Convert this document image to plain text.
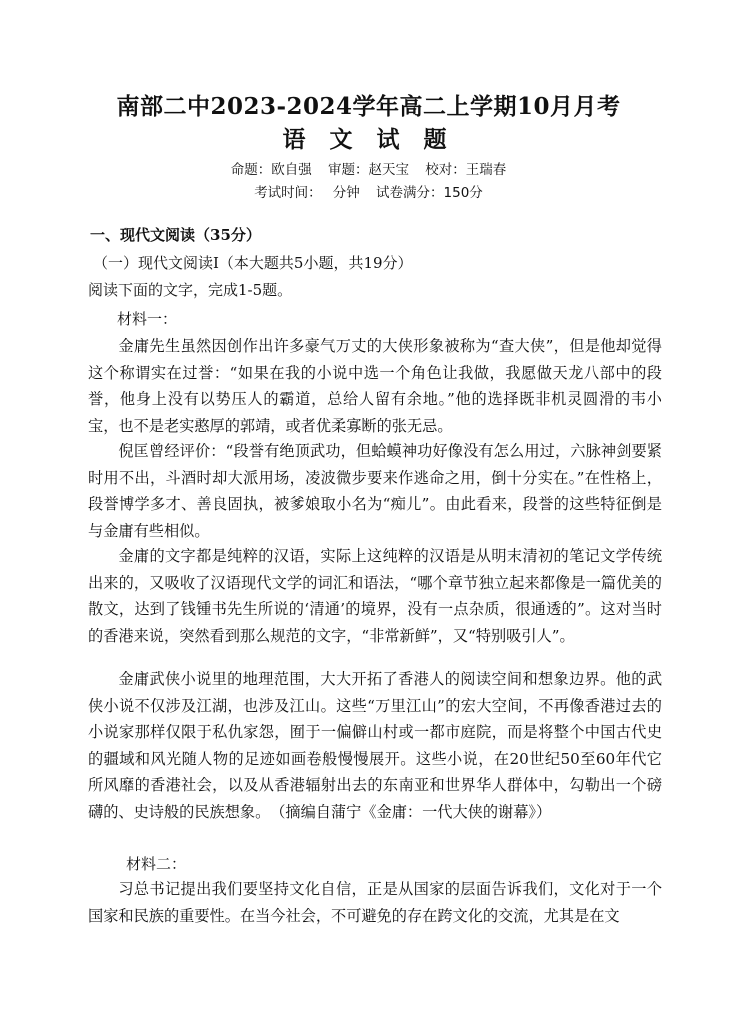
南部二中2023-2024学年高二上学期10月月考
语 文 试 题
命题：欧自强 审题：赵天宝 校对：王瑞春
考试时间：　 分钟 试卷满分：150分
一、现代文阅读（35分）
（一）现代文阅读I（本大题共5小题，共19分）
阅读下面的文字，完成1-5题。
材料一：

金庸先生虽然因创作出许多豪气万丈的大侠形象被称为“查大侠”，但是他却觉得这个称谓实在过誉：“如果在我的小说中选一个角色让我做，我愿做天龙八部中的段誉，他身上没有以势压人的霸道，总给人留有余地。”他的选择既非机灵圆滑的韦小宝，也不是老实憨厚的郭靖，或者优柔寡断的张无忌。

倪匡曾经评价：“段誉有绝顶武功，但蛤蟆神功好像没有怎么用过，六脉神剑要紧时用不出，斗酒时却大派用场，凌波微步要来作逃命之用，倒十分实在。”在性格上，段誉博学多才、善良固执，被爹娘取小名为“痴儿”。由此看来，段誉的这些特征倒是与金庸有些相似。

金庸的文字都是纯粹的汉语，实际上这纯粹的汉语是从明末清初的笔记文学传统出来的，又吸收了汉语现代文学的词汇和语法，“哪个章节独立起来都像是一篇优美的散文，达到了钱锺书先生所说的‘清通’的境界，没有一点杂质，很通透的”。这对当时的香港来说，突然看到那么规范的文字，“非常新鲜”，又“特别吸引人”。

金庸武侠小说里的地理范围，大大开拓了香港人的阅读空间和想象边界。他的武侠小说不仅涉及江湖，也涉及江山。这些“万里江山”的宏大空间，不再像香港过去的小说家那样仅限于私仇家怨，囿于一偏僻山村或一都市庭院，而是将整个中国古代史的疆域和风光随人物的足迹如画卷般慢慢展开。这些小说，在20世纪50至60年代它所风靡的香港社会，以及从香港辐射出去的东南亚和世界华人群体中，勾勒出一个磅礴的、史诗般的民族想象。　（摘编自蒲宁《金庸：一代大侠的谢幕》）

材料二：

习总书记提出我们要坚持文化自信，正是从国家的层面告诉我们，文化对于一个国家和民族的重要性。在当今社会，不可避免的存在跨文化的交流，尤其是在文
